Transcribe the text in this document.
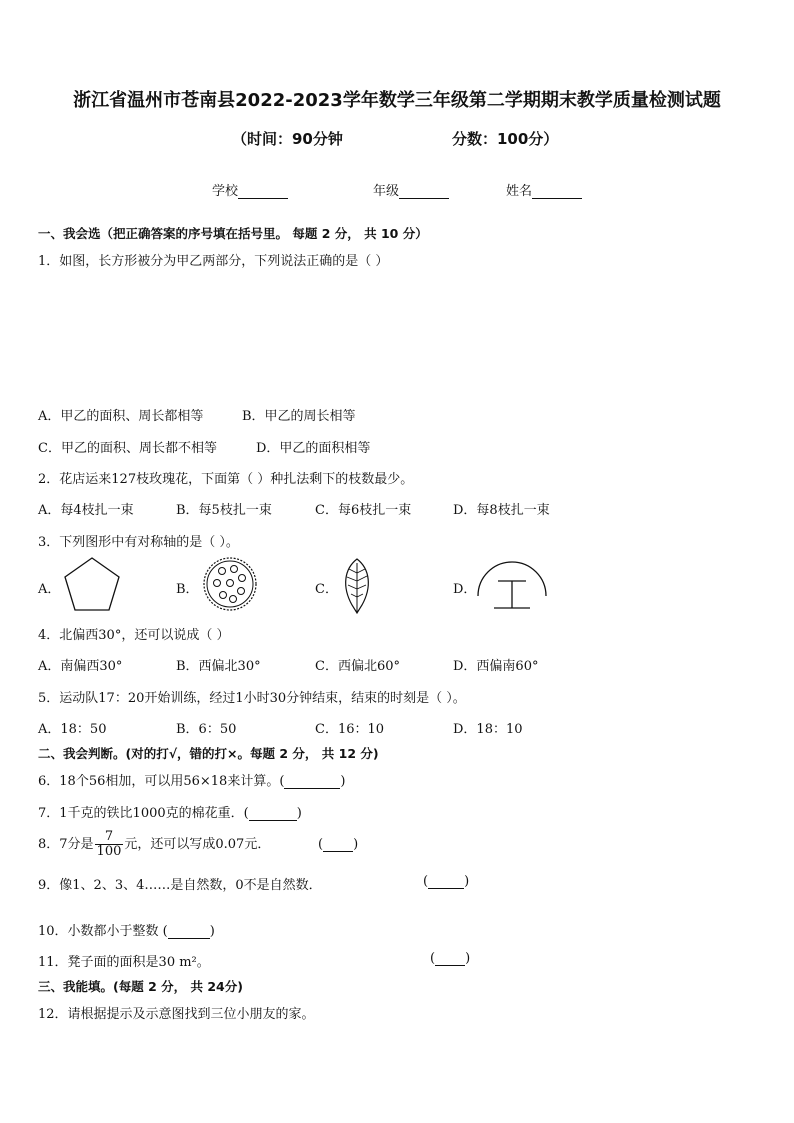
浙江省温州市苍南县2022-2023学年数学三年级第二学期期末教学质量检测试题
（时间：90分钟	分数：100分）
学校	年级	姓名
一、我会选（把正确答案的序号填在括号里。 每题 2 分， 共 10 分）
1．如图，长方形被分为甲乙两部分，下列说法正确的是（ ）
A．甲乙的面积、周长都相等	B．甲乙的周长相等
C．甲乙的面积、周长都不相等	D．甲乙的面积相等
2．花店运来127枝玫瑰花，下面第（ ）种扎法剩下的枝数最少。
A．每4枝扎一束	B．每5枝扎一束	C．每6枝扎一束	D．每8枝扎一束
3．下列图形中有对称轴的是（ ）。
A．	B．	C．	D．
4．北偏西30°，还可以说成（ ）
A．南偏西30°	B．西偏北30°	C．西偏北60°	D．西偏南60°
5．运动队17：20开始训练，经过1小时30分钟结束，结束的时刻是（ ）。
A．18：50	B．6：50	C．16：10	D．18：10
二、我会判断。(对的打√，错的打×。每题 2 分， 共 12 分)
6．18个56相加，可以用56×18来计算。(	)
7．1千克的铁比1000克的棉花重．(	)
8．7分是 $\frac{7}{100}$ 元，还可以写成0.07元．	( )
9．像1、2、3、4……是自然数，0不是自然数．	(	)
10．小数都小于整数 (	)
11．凳子面的面积是30 m²。	( )
三、我能填。(每题 2 分， 共 24分)
12．请根据提示及示意图找到三位小朋友的家。
